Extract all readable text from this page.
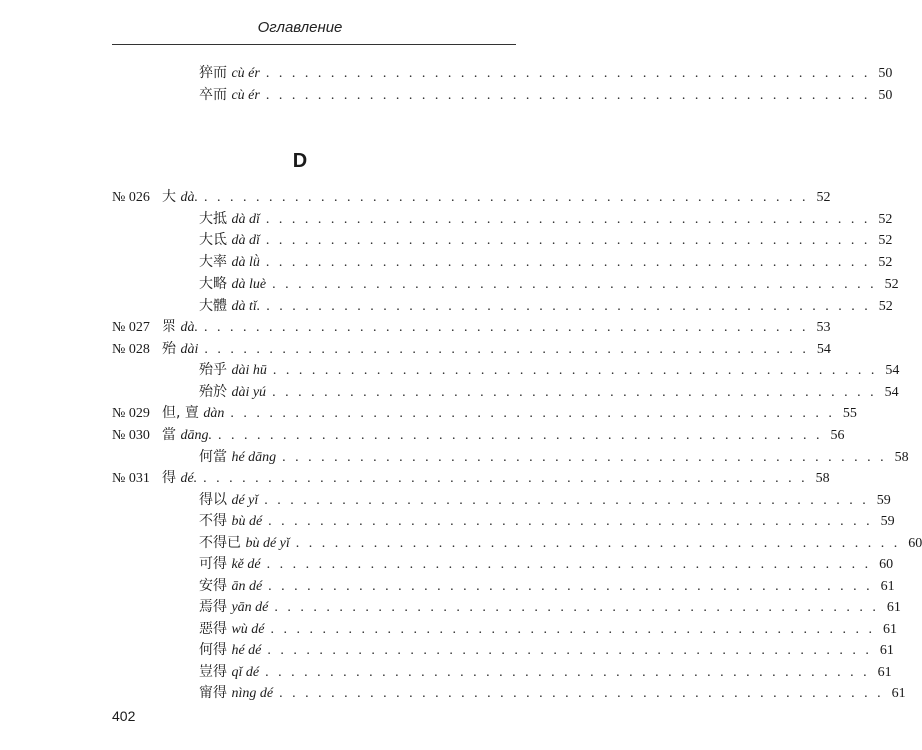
Оглавление
D
猝而 cù ér . . . . . . . . . . . . . . . . . . . . . . . . . . . . . . . . . . . . . . . . . . . . . . . 50
卒而 cù ér . . . . . . . . . . . . . . . . . . . . . . . . . . . . . . . . . . . . . . . . . . . . . . . 50
№ 026 大 dà. . . . . . . . . . . . . . . . . . . . . . . . . . . . . . . . . . . . . . . . . . . . . . . . 52
大抵 dà dǐ . . . . . . . . . . . . . . . . . . . . . . . . . . . . . . . . . . . . . . . . . . . . . . . 52
大氐 dà dǐ . . . . . . . . . . . . . . . . . . . . . . . . . . . . . . . . . . . . . . . . . . . . . . . 52
大率 dà lǜ . . . . . . . . . . . . . . . . . . . . . . . . . . . . . . . . . . . . . . . . . . . . . . . 52
大略 dà luè . . . . . . . . . . . . . . . . . . . . . . . . . . . . . . . . . . . . . . . . . . . . . . . 52
大體 dà tǐ. . . . . . . . . . . . . . . . . . . . . . . . . . . . . . . . . . . . . . . . . . . . . . . . 52
№ 027 眔 dà. . . . . . . . . . . . . . . . . . . . . . . . . . . . . . . . . . . . . . . . . . . . . . . . 53
№ 028 殆 dài . . . . . . . . . . . . . . . . . . . . . . . . . . . . . . . . . . . . . . . . . . . . . . . 54
殆乎 dài hū . . . . . . . . . . . . . . . . . . . . . . . . . . . . . . . . . . . . . . . . . . . . . . . 54
殆於 dài yú . . . . . . . . . . . . . . . . . . . . . . . . . . . . . . . . . . . . . . . . . . . . . . . 54
№ 029 但, 亶 dàn . . . . . . . . . . . . . . . . . . . . . . . . . . . . . . . . . . . . . . . . . . . . . . . 55
№ 030 當 dāng. . . . . . . . . . . . . . . . . . . . . . . . . . . . . . . . . . . . . . . . . . . . . . . . 56
何當 hé dāng . . . . . . . . . . . . . . . . . . . . . . . . . . . . . . . . . . . . . . . . . . . . . . . 58
№ 031 得 dé. . . . . . . . . . . . . . . . . . . . . . . . . . . . . . . . . . . . . . . . . . . . . . . . 58
得以 dé yǐ . . . . . . . . . . . . . . . . . . . . . . . . . . . . . . . . . . . . . . . . . . . . . . . 59
不得 bù dé . . . . . . . . . . . . . . . . . . . . . . . . . . . . . . . . . . . . . . . . . . . . . . . 59
不得已 bù dé yǐ . . . . . . . . . . . . . . . . . . . . . . . . . . . . . . . . . . . . . . . . . . . . . . . 60
可得 kě dé . . . . . . . . . . . . . . . . . . . . . . . . . . . . . . . . . . . . . . . . . . . . . . . 60
安得 ān dé . . . . . . . . . . . . . . . . . . . . . . . . . . . . . . . . . . . . . . . . . . . . . . . 61
焉得 yān dé . . . . . . . . . . . . . . . . . . . . . . . . . . . . . . . . . . . . . . . . . . . . . . . 61
惡得 wù dé . . . . . . . . . . . . . . . . . . . . . . . . . . . . . . . . . . . . . . . . . . . . . . . 61
何得 hé dé . . . . . . . . . . . . . . . . . . . . . . . . . . . . . . . . . . . . . . . . . . . . . . . 61
豈得 qǐ dé . . . . . . . . . . . . . . . . . . . . . . . . . . . . . . . . . . . . . . . . . . . . . . . 61
甯得 nìng dé . . . . . . . . . . . . . . . . . . . . . . . . . . . . . . . . . . . . . . . . . . . . . . . 61
402
